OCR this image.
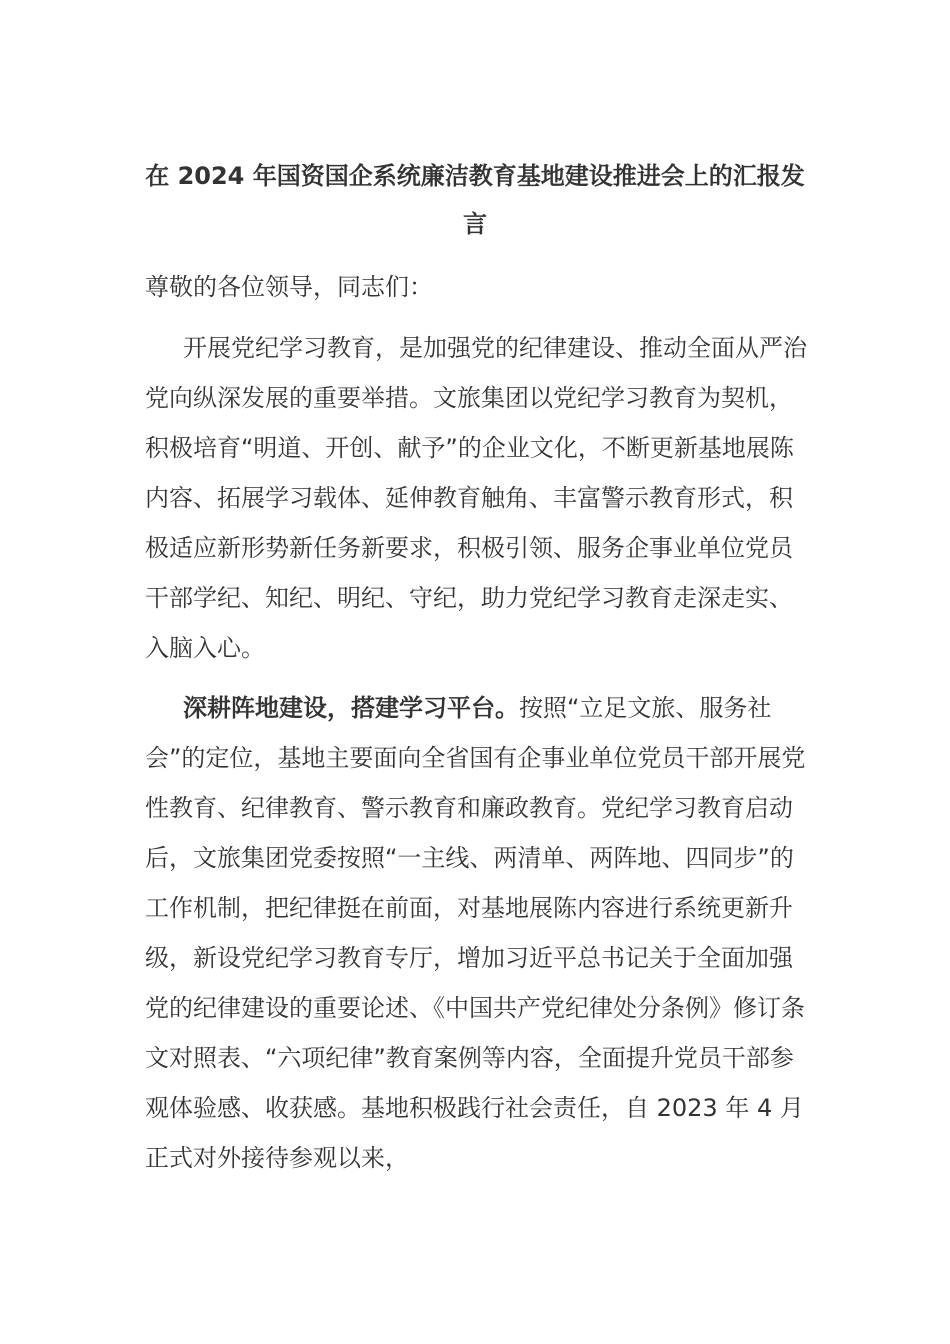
在 2024 年国资国企系统廉洁教育基地建设推进会上的汇报发言

尊敬的各位领导，同志们：

开展党纪学习教育，是加强党的纪律建设、推动全面从严治党向纵深发展的重要举措。文旅集团以党纪学习教育为契机，积极培育“明道、开创、献予”的企业文化，不断更新基地展陈内容、拓展学习载体、延伸教育触角、丰富警示教育形式，积极适应新形势新任务新要求，积极引领、服务企事业单位党员干部学纪、知纪、明纪、守纪，助力党纪学习教育走深走实、入脑入心。

深耕阵地建设，搭建学习平台。按照“立足文旅、服务社会”的定位，基地主要面向全省国有企事业单位党员干部开展党性教育、纪律教育、警示教育和廉政教育。党纪学习教育启动后，文旅集团党委按照“一主线、两清单、两阵地、四同步”的工作机制，把纪律挺在前面，对基地展陈内容进行系统更新升级，新设党纪学习教育专厅，增加习近平总书记关于全面加强党的纪律建设的重要论述、《中国共产党纪律处分条例》修订条文对照表、“六项纪律”教育案例等内容，全面提升党员干部参观体验感、收获感。基地积极践行社会责任，自 2023 年 4 月正式对外接待参观以来，
